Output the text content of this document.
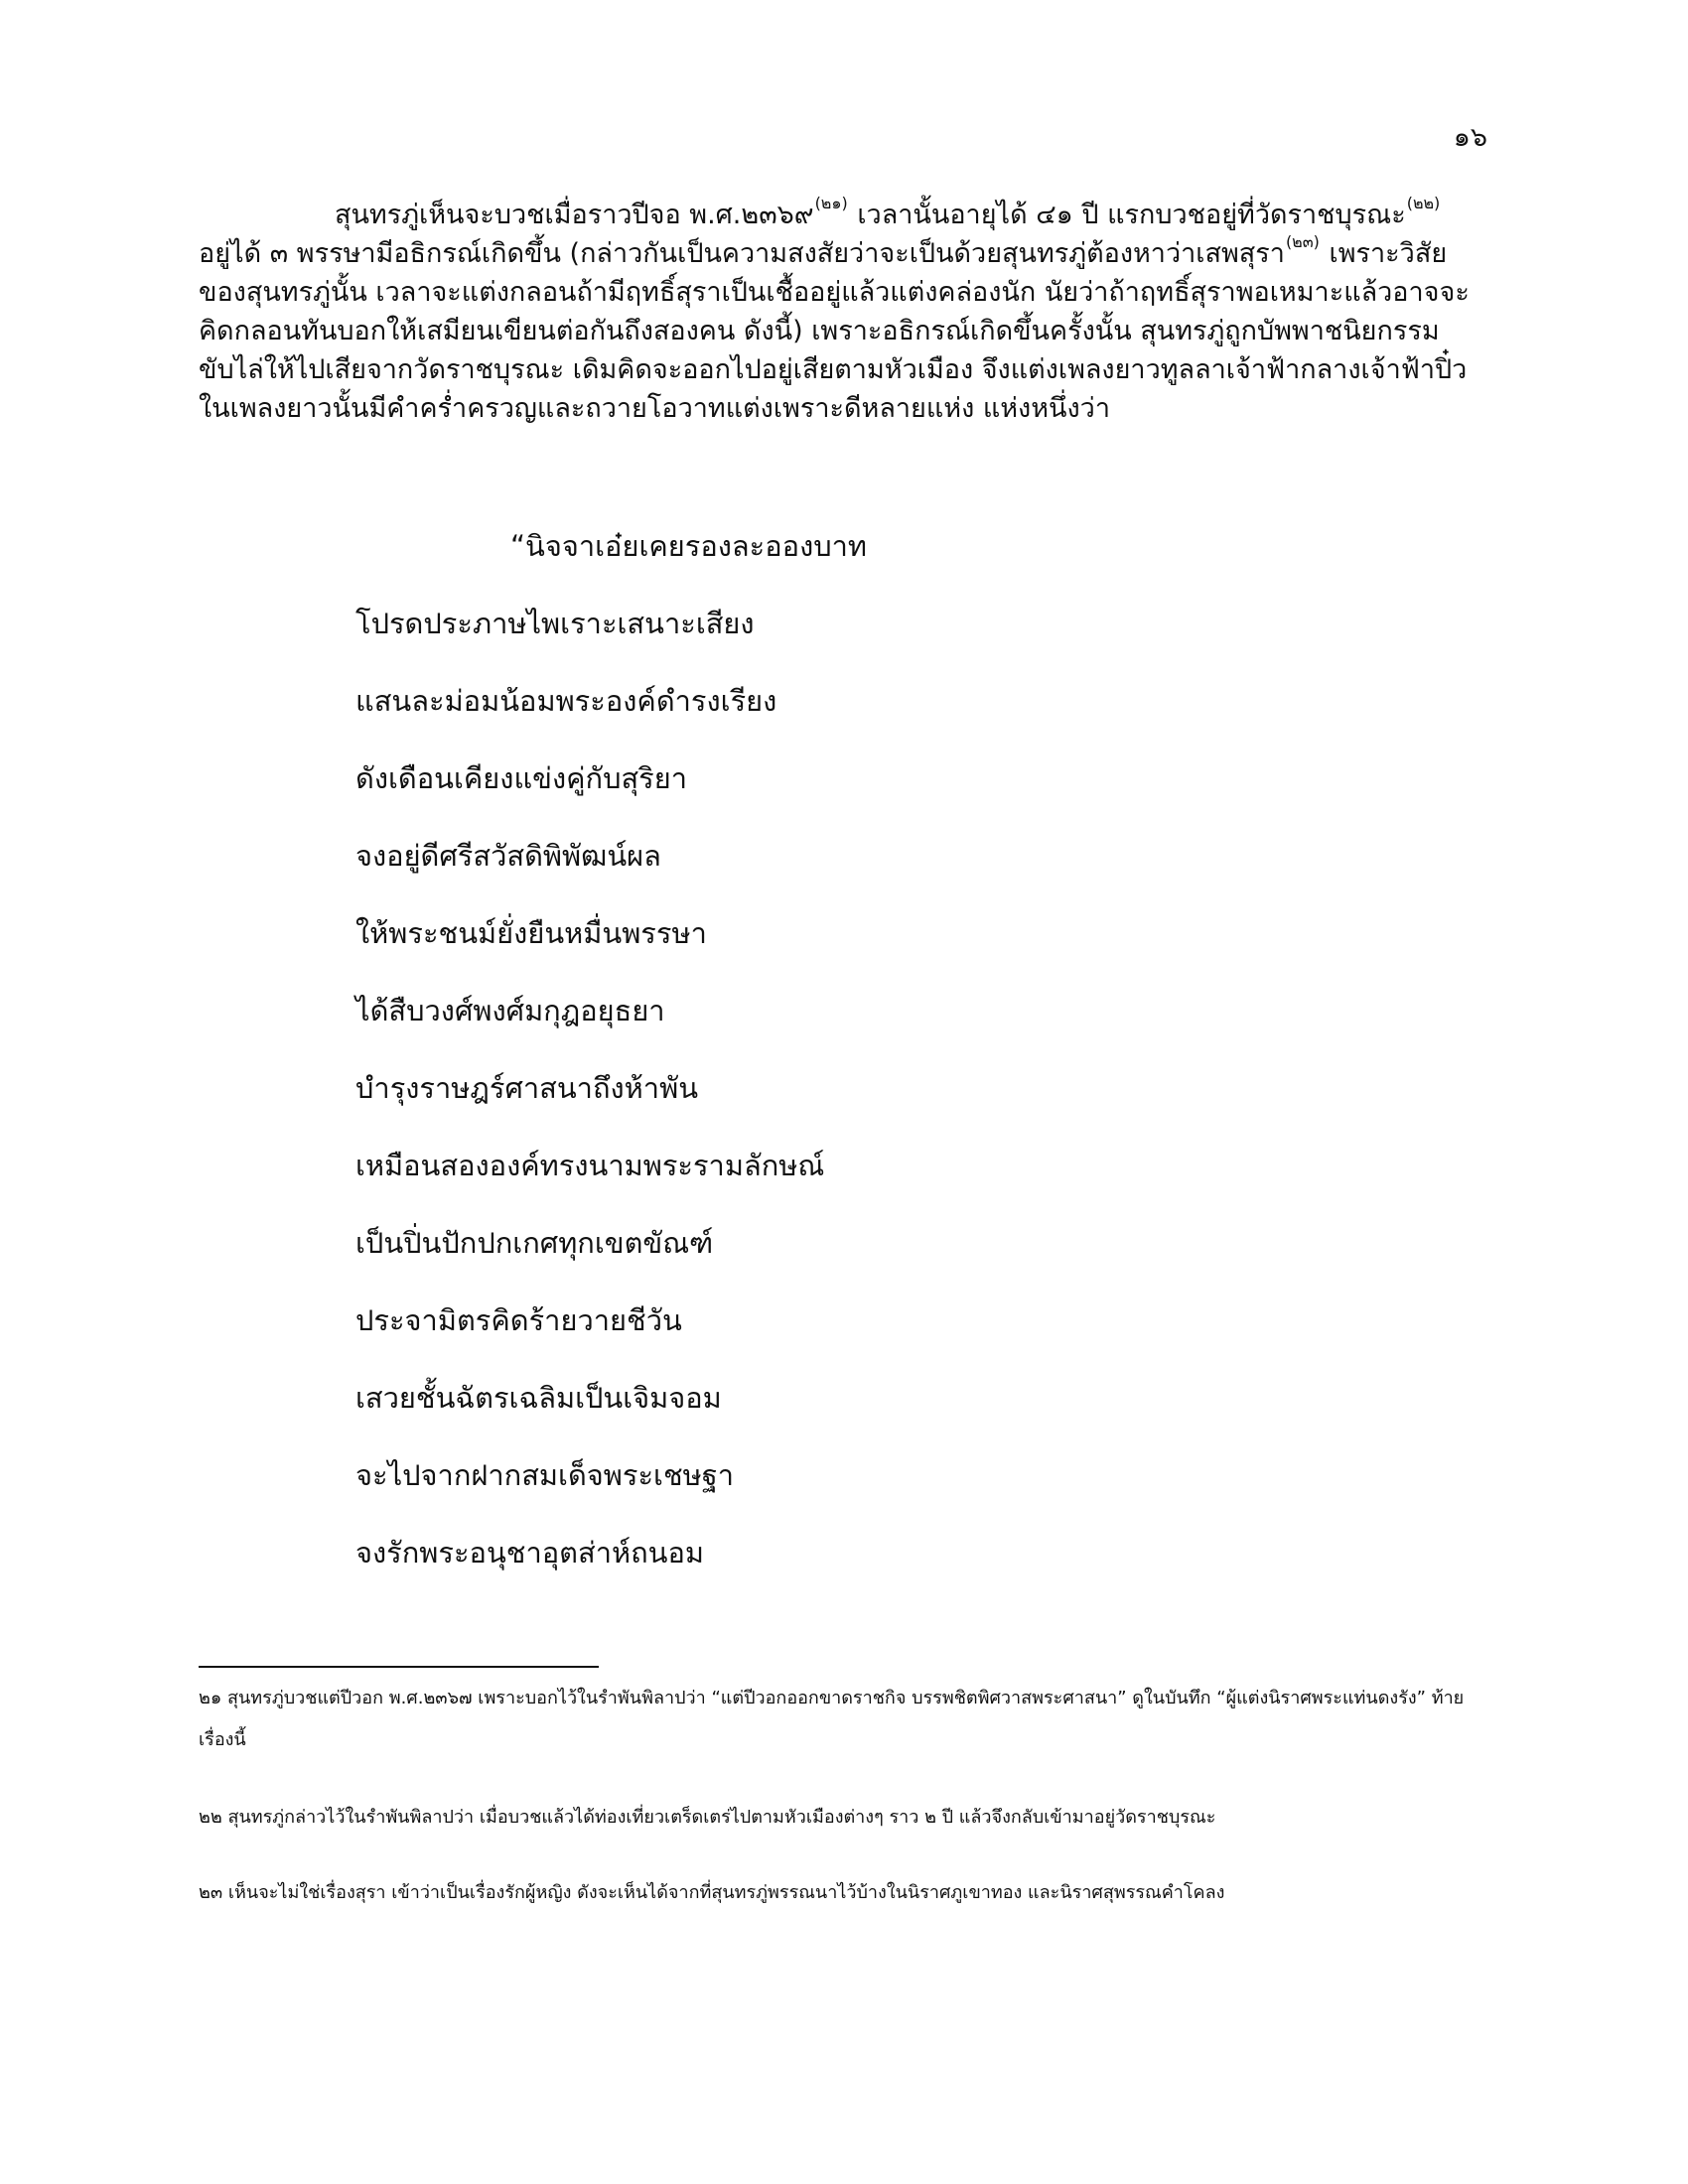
๑๖
สุนทรภู่เห็นจะบวชเมื่อราวปีจอ พ.ศ.๒๓๖๙$^{(๒๑)}$ เวลานั้นอายุได้ ๔๑ ปี แรกบวชอยู่ที่วัดราชบุรณะ$^{(๒๒)}$
อยู่ได้ ๓ พรรษามีอธิกรณ์เกิดขึ้น (กล่าวกันเป็นความสงสัยว่าจะเป็นด้วยสุนทรภู่ต้องหาว่าเสพสุรา$^{(๒๓)}$ เพราะวิสัย
ของสุนทรภู่นั้น เวลาจะแต่งกลอนถ้ามีฤทธิ์สุราเป็นเชื้ออยู่แล้วแต่งคล่องนัก นัยว่าถ้าฤทธิ์สุราพอเหมาะแล้วอาจจะ
คิดกลอนทันบอกให้เสมียนเขียนต่อกันถึงสองคน ดังนี้) เพราะอธิกรณ์เกิดขึ้นครั้งนั้น สุนทรภู่ถูกบัพพาชนิยกรรม
ขับไล่ให้ไปเสียจากวัดราชบุรณะ เดิมคิดจะออกไปอยู่เสียตามหัวเมือง จึงแต่งเพลงยาวทูลลาเจ้าฟ้ากลางเจ้าฟ้าปิ๋ว
ในเพลงยาวนั้นมีคำคร่ำครวญและถวายโอวาทแต่งเพราะดีหลายแห่ง แห่งหนึ่งว่า
“นิจจาเอ๋ยเคยรองละอองบาท
โปรดประภาษไพเราะเสนาะเสียง
แสนละม่อมน้อมพระองค์ดำรงเรียง
ดังเดือนเคียงแข่งคู่กับสุริยา
จงอยู่ดีศรีสวัสดิพิพัฒน์ผล
ให้พระชนม์ยั่งยืนหมื่นพรรษา
ได้สืบวงศ์พงศ์มกุฎอยุธยา
บำรุงราษฎร์ศาสนาถึงห้าพัน
เหมือนสององค์ทรงนามพระรามลักษณ์
เป็นปิ่นปักปกเกศทุกเขตขัณฑ์
ประจามิตรคิดร้ายวายชีวัน
เสวยชั้นฉัตรเฉลิมเป็นเจิมจอม
จะไปจากฝากสมเด็จพระเชษฐา
จงรักพระอนุชาอุตส่าห์ถนอม
๒๑ สุนทรภู่บวชแต่ปีวอก พ.ศ.๒๓๖๗ เพราะบอกไว้ในรำพันพิลาปว่า “แต่ปีวอกออกขาดราชกิจ บรรพชิตพิศวาสพระศาสนา” ดูในบันทึก “ผู้แต่งนิราศพระแท่นดงรัง” ท้าย
เรื่องนี้
๒๒ สุนทรภู่กล่าวไว้ในรำพันพิลาปว่า เมื่อบวชแล้วได้ท่องเที่ยวเตร็ดเตร่ไปตามหัวเมืองต่างๆ ราว ๒ ปี แล้วจึงกลับเข้ามาอยู่วัดราชบุรณะ
๒๓ เห็นจะไม่ใช่เรื่องสุรา เข้าว่าเป็นเรื่องรักผู้หญิง ดังจะเห็นได้จากที่สุนทรภู่พรรณนาไว้บ้างในนิราศภูเขาทอง และนิราศสุพรรณคำโคลง
